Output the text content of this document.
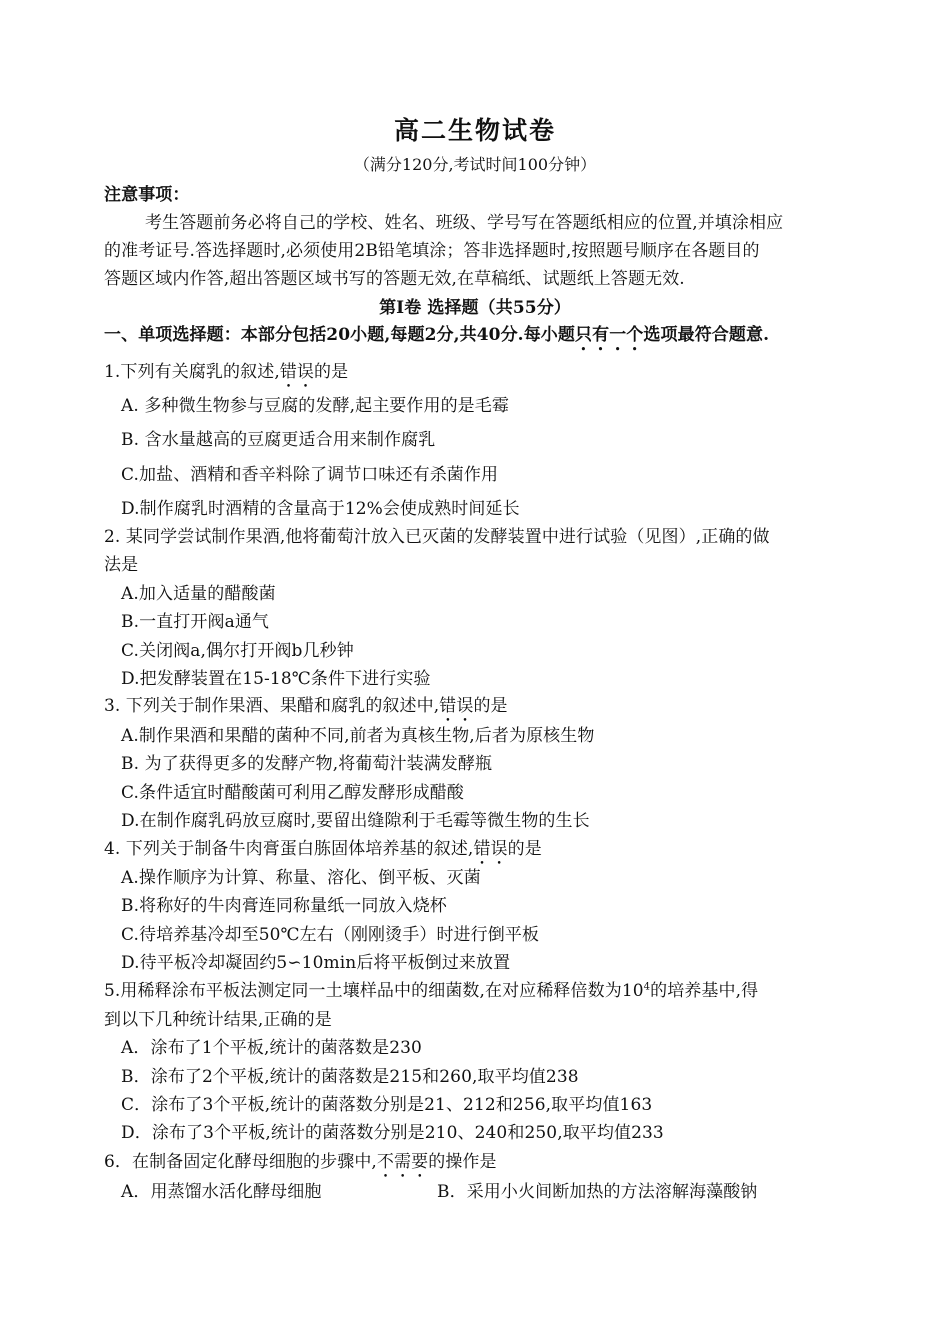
高二生物试卷
（满分120分,考试时间100分钟）
注意事项：
考生答题前务必将自己的学校、姓名、班级、学号写在答题纸相应的位置,并填涂相应
的准考证号.答选择题时,必须使用2B铅笔填涂；答非选择题时,按照题号顺序在各题目的
答题区域内作答,超出答题区域书写的答题无效,在草稿纸、试题纸上答题无效.
第Ⅰ卷 选择题（共55分）
一、单项选择题：本部分包括20小题,每题2分,共40分.每小题只有一个选项最符合题意.
1.下列有关腐乳的叙述,错误的是
A. 多种微生物参与豆腐的发酵,起主要作用的是毛霉
B. 含水量越高的豆腐更适合用来制作腐乳
C.加盐、酒精和香辛料除了调节口味还有杀菌作用
D.制作腐乳时酒精的含量高于12%会使成熟时间延长
2. 某同学尝试制作果酒,他将葡萄汁放入已灭菌的发酵装置中进行试验（见图）,正确的做
法是
A.加入适量的醋酸菌
B.一直打开阀a通气
C.关闭阀a,偶尔打开阀b几秒钟
D.把发酵装置在15-18℃条件下进行实验
3. 下列关于制作果酒、果醋和腐乳的叙述中,错误的是
A.制作果酒和果醋的菌种不同,前者为真核生物,后者为原核生物
B. 为了获得更多的发酵产物,将葡萄汁装满发酵瓶
C.条件适宜时醋酸菌可利用乙醇发酵形成醋酸
D.在制作腐乳码放豆腐时,要留出缝隙利于毛霉等微生物的生长
4. 下列关于制备牛肉膏蛋白胨固体培养基的叙述,错误的是
A.操作顺序为计算、称量、溶化、倒平板、灭菌
B.将称好的牛肉膏连同称量纸一同放入烧杯
C.待培养基冷却至50℃左右（刚刚烫手）时进行倒平板
D.待平板冷却凝固约5∽10min后将平板倒过来放置
5.用稀释涂布平板法测定同一土壤样品中的细菌数,在对应稀释倍数为$10^4$的培养基中,得
到以下几种统计结果,正确的是
A．涂布了1个平板,统计的菌落数是230
B．涂布了2个平板,统计的菌落数是215和260,取平均值238
C．涂布了3个平板,统计的菌落数分别是21、212和256,取平均值163
D．涂布了3个平板,统计的菌落数分别是210、240和250,取平均值233
6．在制备固定化酵母细胞的步骤中,不需要的操作是
A．用蒸馏水活化酵母细胞	B．采用小火间断加热的方法溶解海藻酸钠
